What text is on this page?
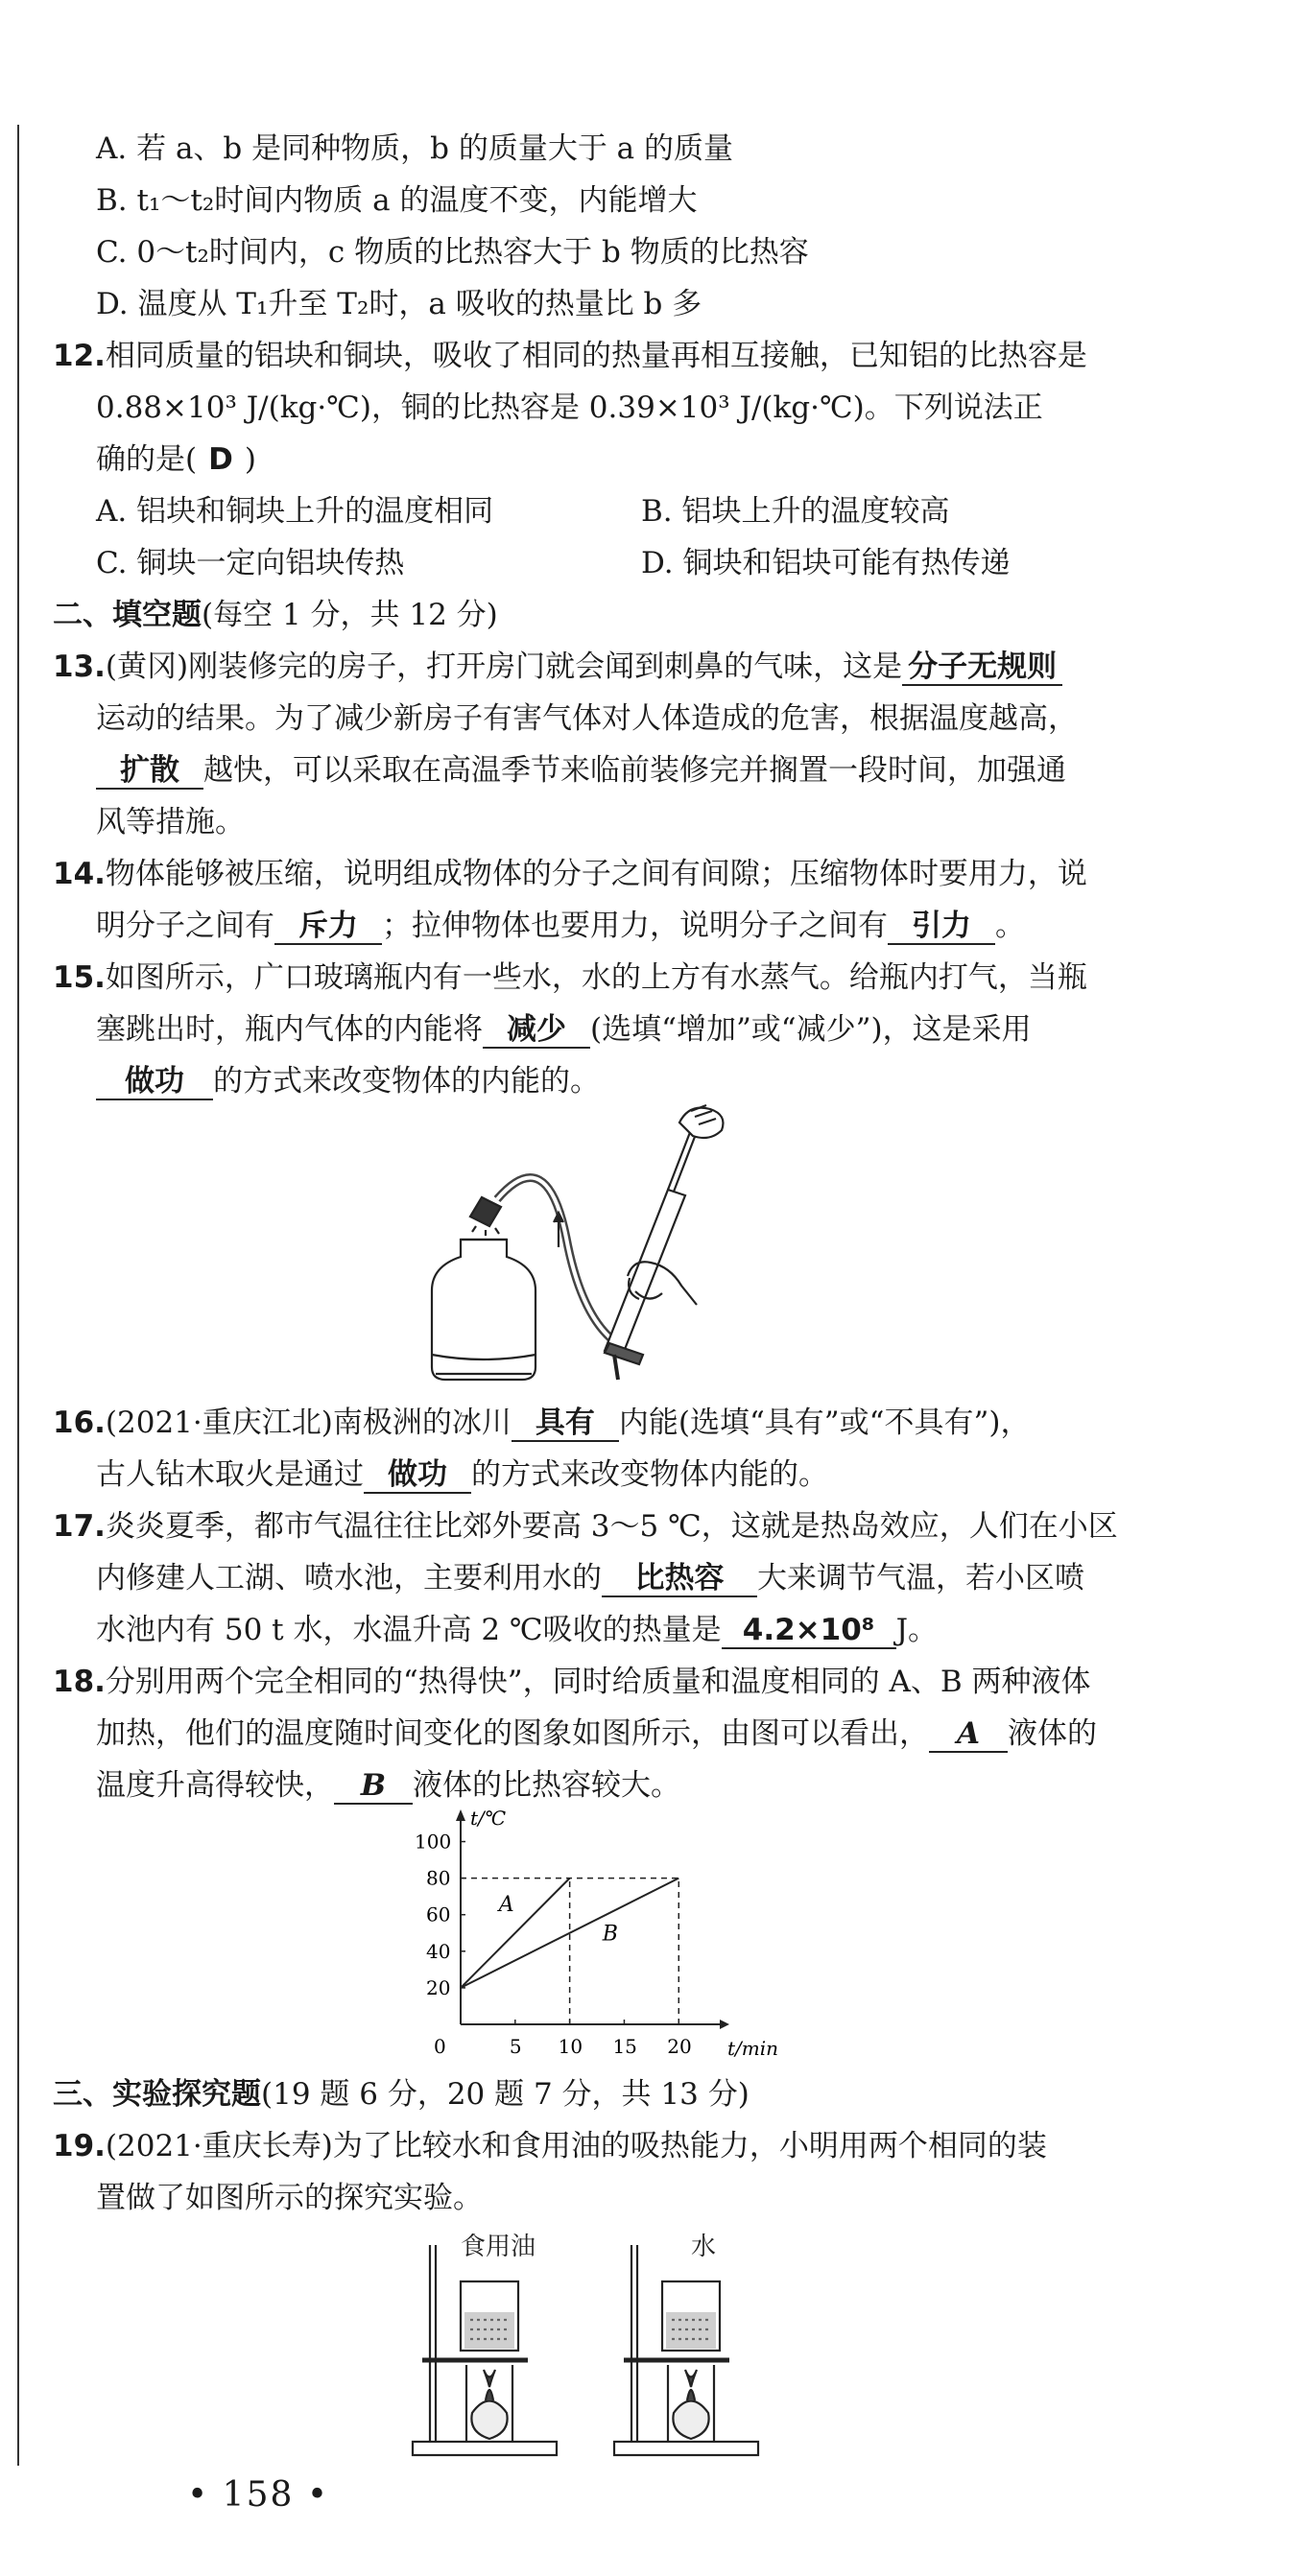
A. 若 a、b 是同种物质，b 的质量大于 a 的质量
B. t₁～t₂时间内物质 a 的温度不变，内能增大
C. 0～t₂时间内，c 物质的比热容大于 b 物质的比热容
D. 温度从 T₁升至 T₂时，a 吸收的热量比 b 多
12.相同质量的铝块和铜块，吸收了相同的热量再相互接触，已知铝的比热容是
0.88×10³ J/(kg·℃)，铜的比热容是 0.39×10³ J/(kg·℃)。下列说法正
确的是( D )
A. 铝块和铜块上升的温度相同	B. 铝块上升的温度较高
C. 铜块一定向铝块传热	D. 铜块和铝块可能有热传递
二、填空题(每空 1 分，共 12 分)
13.(黄冈)刚装修完的房子，打开房门就会闻到刺鼻的气味，这是 分子无规则
运动的结果。为了减少新房子有害气体对人体造成的危害，根据温度越高，
扩散 越快，可以采取在高温季节来临前装修完并搁置一段时间，加强通
风等措施。
14.物体能够被压缩，说明组成物体的分子之间有间隙；压缩物体时要用力，说
明分子之间有 斥力 ；拉伸物体也要用力，说明分子之间有 引力 。
15.如图所示，广口玻璃瓶内有一些水，水的上方有水蒸气。给瓶内打气，当瓶
塞跳出时，瓶内气体的内能将 减少 (选填“增加”或“减少”)，这是采用
做功 的方式来改变物体的内能的。
16.(2021·重庆江北)南极洲的冰川 具有 内能(选填“具有”或“不具有”)，
古人钻木取火是通过 做功 的方式来改变物体内能的。
17.炎炎夏季，都市气温往往比郊外要高 3～5 ℃，这就是热岛效应，人们在小区
内修建人工湖、喷水池，主要利用水的 比热容 大来调节气温，若小区喷
水池内有 50 t 水，水温升高 2 ℃吸收的热量是 4.2×10⁸ J。
18.分别用两个完全相同的“热得快”，同时给质量和温度相同的 A、B 两种液体
加热，他们的温度随时间变化的图象如图所示，由图可以看出， A 液体的
温度升高得较快， B 液体的比热容较大。
t/min
t/℃
0	5 10 15 20
20
40
60
80
100
A
B
三、实验探究题(19 题 6 分，20 题 7 分，共 13 分)
19.(2021·重庆长寿)为了比较水和食用油的吸热能力，小明用两个相同的装
置做了如图所示的探究实验。
食用油	水
• 158 •
